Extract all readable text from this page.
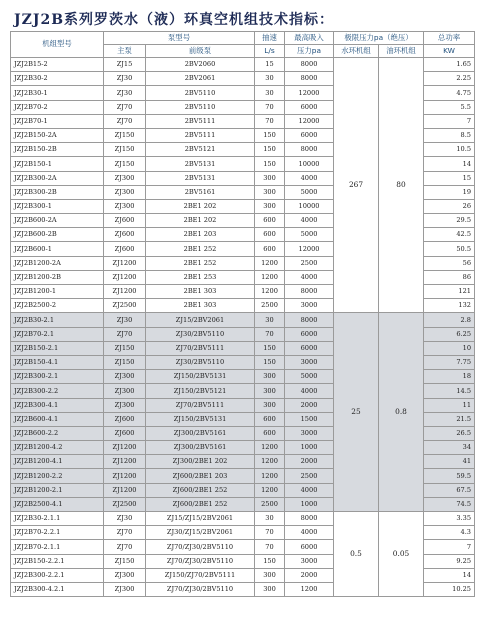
JZJ2B系列罗茨水（液）环真空机组技术指标：
机组型号	泵型号		抽速	最高吸入	极限压力pa（绝压）		总功率
	主泵	前级泵	L/s	压力pa	水环机组	油环机组	KW
JZJ2B15-2	ZJ15	2BV2060	15	8000	267	80	1.65
JZJ2B30-2	ZJ30	2BV2061	30	8000			2.25
JZJ2B30-1	ZJ30	2BV5110	30	12000			4.75
JZJ2B70-2	ZJ70	2BV5110	70	6000			5.5
JZJ2B70-1	ZJ70	2BV5111	70	12000			7
JZJ2B150-2A	ZJ150	2BV5111	150	6000			8.5
JZJ2B150-2B	ZJ150	2BV5121	150	8000			10.5
JZJ2B150-1	ZJ150	2BV5131	150	10000			14
JZJ2B300-2A	ZJ300	2BV5131	300	4000			15
JZJ2B300-2B	ZJ300	2BV5161	300	5000			19
JZJ2B300-1	ZJ300	2BE1 202	300	10000			26
JZJ2B600-2A	ZJ600	2BE1 202	600	4000			29.5
JZJ2B600-2B	ZJ600	2BE1 203	600	5000			42.5
JZJ2B600-1	ZJ600	2BE1 252	600	12000			50.5
JZJ2B1200-2A	ZJ1200	2BE1 252	1200	2500			56
JZJ2B1200-2B	ZJ1200	2BE1 253	1200	4000			86
JZJ2B1200-1	ZJ1200	2BE1 303	1200	8000			121
JZJ2B2500-2	ZJ2500	2BE1 303	2500	3000			132
JZJ2B30-2.1	ZJ30	ZJ15/2BV2061	30	8000	25	0.8	2.8
JZJ2B70-2.1	ZJ70	ZJ30/2BV5110	70	6000			6.25
JZJ2B150-2.1	ZJ150	ZJ70/2BV5111	150	6000			10
JZJ2B150-4.1	ZJ150	ZJ30/2BV5110	150	3000			7.75
JZJ2B300-2.1	ZJ300	ZJ150/2BV5131	300	5000			18
JZJ2B300-2.2	ZJ300	ZJ150/2BV5121	300	4000			14.5
JZJ2B300-4.1	ZJ300	ZJ70/2BV5111	300	2000			11
JZJ2B600-4.1	ZJ600	ZJ150/2BV5131	600	1500			21.5
JZJ2B600-2.2	ZJ600	ZJ300/2BV5161	600	3000			26.5
JZJ2B1200-4.2	ZJ1200	ZJ300/2BV5161	1200	1000			34
JZJ2B1200-4.1	ZJ1200	ZJ300/2BE1 202	1200	2000			41
JZJ2B1200-2.2	ZJ1200	ZJ600/2BE1 203	1200	2500			59.5
JZJ2B1200-2.1	ZJ1200	ZJ600/2BE1 252	1200	4000			67.5
JZJ2B2500-4.1	ZJ2500	ZJ600/2BE1 252	2500	1000			74.5
JZJ2B30-2.1.1	ZJ30	ZJ15/ZJ15/2BV2061	30	8000	0.5	0.05	3.35
JZJ2B70-2.2.1	ZJ70	ZJ30/ZJ15/2BV2061	70	4000			4.3
JZJ2B70-2.1.1	ZJ70	ZJ70/ZJ30/2BV5110	70	6000			7
JZJ2B150-2.2.1	ZJ150	ZJ70/ZJ30/2BV5110	150	3000			9.25
JZJ2B300-2.2.1	ZJ300	ZJ150/ZJ70/2BV5111	300	2000			14
JZJ2B300-4.2.1	ZJ300	ZJ70/ZJ30/2BV5110	300	1200			10.25
